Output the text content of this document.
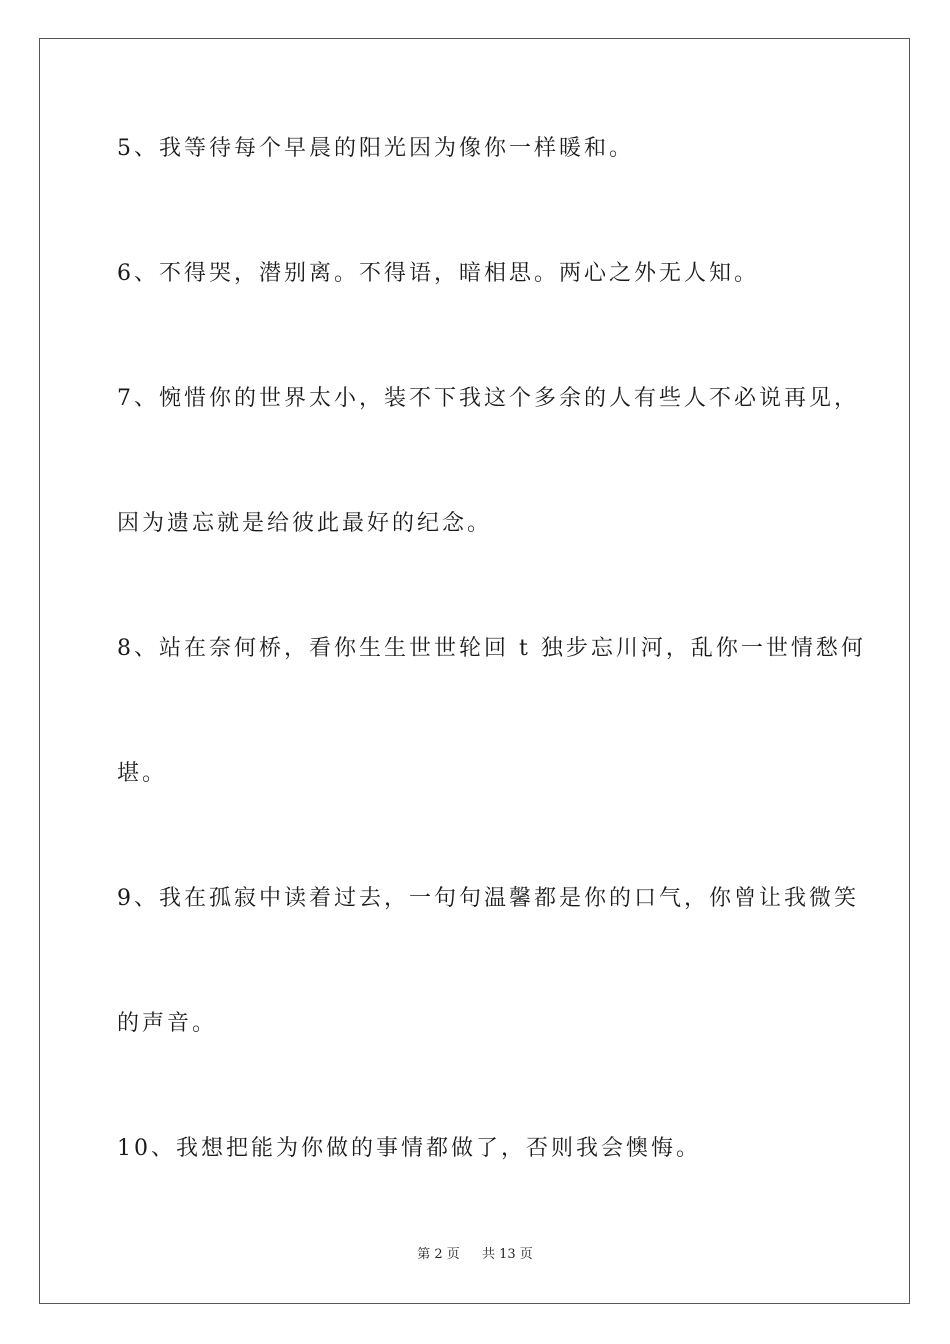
5、我等待每个早晨的阳光因为像你一样暖和。
6、不得哭，潜别离。不得语，暗相思。两心之外无人知。
7、惋惜你的世界太小，装不下我这个多余的人有些人不必说再见，
因为遗忘就是给彼此最好的纪念。
8、站在奈何桥，看你生生世世轮回 t 独步忘川河，乱你一世情愁何
堪。
9、我在孤寂中读着过去，一句句温馨都是你的口气，你曾让我微笑
的声音。
10、我想把能为你做的事情都做了，否则我会懊悔。
第 2 页 共 13 页
